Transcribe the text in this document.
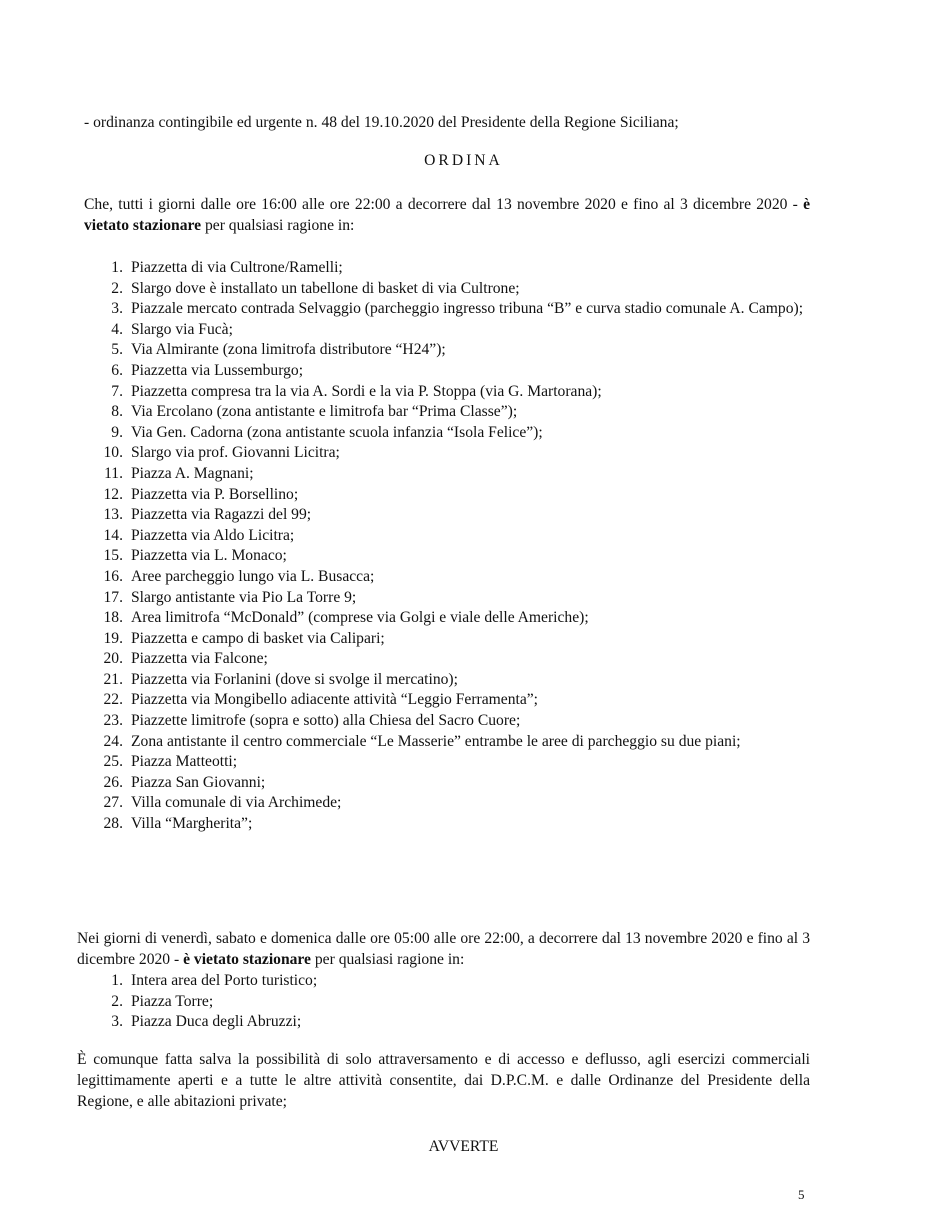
- ordinanza contingibile ed urgente n. 48 del 19.10.2020 del Presidente della Regione Siciliana;

ORDINA

Che, tutti i giorni dalle ore 16:00 alle ore 22:00 a decorrere dal 13 novembre 2020 e fino al 3 dicembre 2020 - è vietato stazionare per qualsiasi ragione in:

1. Piazzetta di via Cultrone/Ramelli;
2. Slargo dove è installato un tabellone di basket di via Cultrone;
3. Piazzale mercato contrada Selvaggio (parcheggio ingresso tribuna “B” e curva stadio comunale A. Campo);
4. Slargo via Fucà;
5. Via Almirante (zona limitrofa distributore “H24”);
6. Piazzetta via Lussemburgo;
7. Piazzetta compresa tra la via A. Sordi e la via P. Stoppa (via G. Martorana);
8. Via Ercolano (zona antistante e limitrofa bar “Prima Classe”);
9. Via Gen. Cadorna (zona antistante scuola infanzia “Isola Felice”);
10. Slargo via prof. Giovanni Licitra;
11. Piazza A. Magnani;
12. Piazzetta via P. Borsellino;
13. Piazzetta via Ragazzi del 99;
14. Piazzetta via Aldo Licitra;
15. Piazzetta via L. Monaco;
16. Aree parcheggio lungo via L. Busacca;
17. Slargo antistante via Pio La Torre 9;
18. Area limitrofa “McDonald” (comprese via Golgi e viale delle Americhe);
19. Piazzetta e campo di basket via Calipari;
20. Piazzetta via Falcone;
21. Piazzetta via Forlanini (dove si svolge il mercatino);
22. Piazzetta via Mongibello adiacente attività “Leggio Ferramenta”;
23. Piazzette limitrofe (sopra e sotto) alla Chiesa del Sacro Cuore;
24. Zona antistante il centro commerciale “Le Masserie” entrambe le aree di parcheggio su due piani;
25. Piazza Matteotti;
26. Piazza San Giovanni;
27. Villa comunale di via Archimede;
28. Villa “Margherita”;

Nei giorni di venerdì, sabato e domenica dalle ore 05:00 alle ore 22:00, a decorrere dal 13 novembre 2020 e fino al 3 dicembre 2020 - è vietato stazionare per qualsiasi ragione in:

1. Intera area del Porto turistico;
2. Piazza Torre;
3. Piazza Duca degli Abruzzi;

È comunque fatta salva la possibilità di solo attraversamento e di accesso e deflusso, agli esercizi commerciali legittimamente aperti e a tutte le altre attività consentite, dai D.P.C.M. e dalle Ordinanze del Presidente della Regione, e alle abitazioni private;

AVVERTE

5
